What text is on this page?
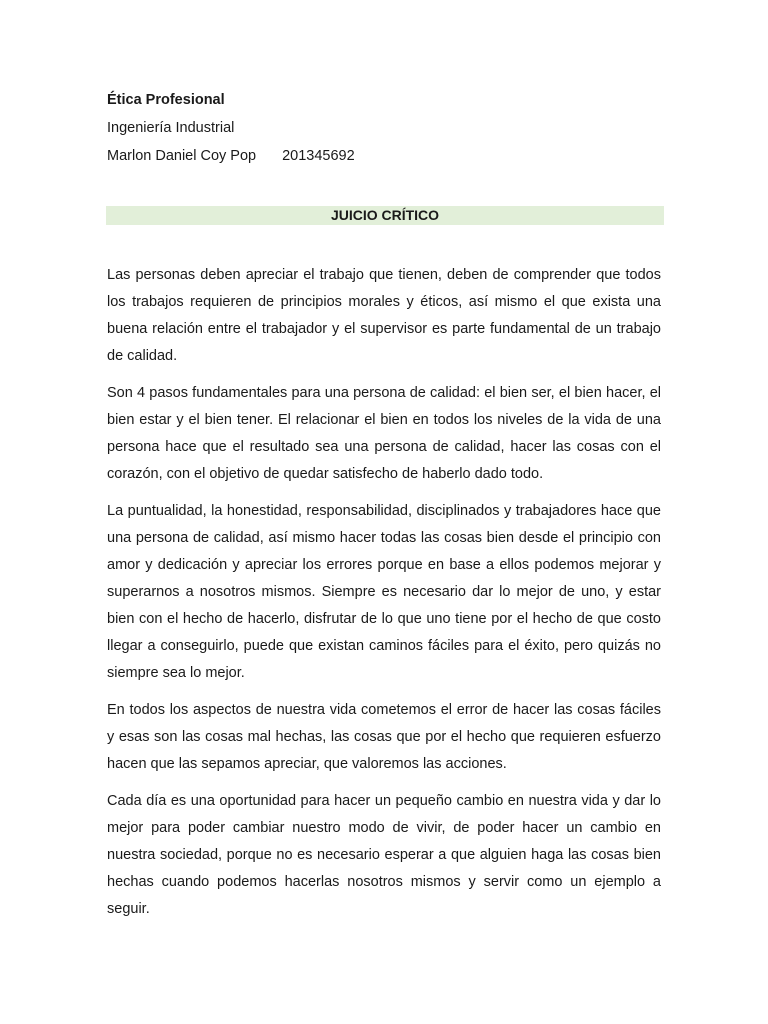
Ética Profesional
Ingeniería Industrial
Marlon Daniel Coy Pop 201345692
JUICIO CRÍTICO

Las personas deben apreciar el trabajo que tienen, deben de comprender que todos los trabajos requieren de principios morales y éticos, así mismo el que exista una buena relación entre el trabajador y el supervisor es parte fundamental de un trabajo de calidad.

Son 4 pasos fundamentales para una persona de calidad: el bien ser, el bien hacer, el bien estar y el bien tener. El relacionar el bien en todos los niveles de la vida de una persona hace que el resultado sea una persona de calidad, hacer las cosas con el corazón, con el objetivo de quedar satisfecho de haberlo dado todo.

La puntualidad, la honestidad, responsabilidad, disciplinados y trabajadores hace que una persona de calidad, así mismo hacer todas las cosas bien desde el principio con amor y dedicación y apreciar los errores porque en base a ellos podemos mejorar y superarnos a nosotros mismos. Siempre es necesario dar lo mejor de uno, y estar bien con el hecho de hacerlo, disfrutar de lo que uno tiene por el hecho de que costo llegar a conseguirlo, puede que existan caminos fáciles para el éxito, pero quizás no siempre sea lo mejor.

En todos los aspectos de nuestra vida cometemos el error de hacer las cosas fáciles y esas son las cosas mal hechas, las cosas que por el hecho que requieren esfuerzo hacen que las sepamos apreciar, que valoremos las acciones.

Cada día es una oportunidad para hacer un pequeño cambio en nuestra vida y dar lo mejor para poder cambiar nuestro modo de vivir, de poder hacer un cambio en nuestra sociedad, porque no es necesario esperar a que alguien haga las cosas bien hechas cuando podemos hacerlas nosotros mismos y servir como un ejemplo a seguir.
